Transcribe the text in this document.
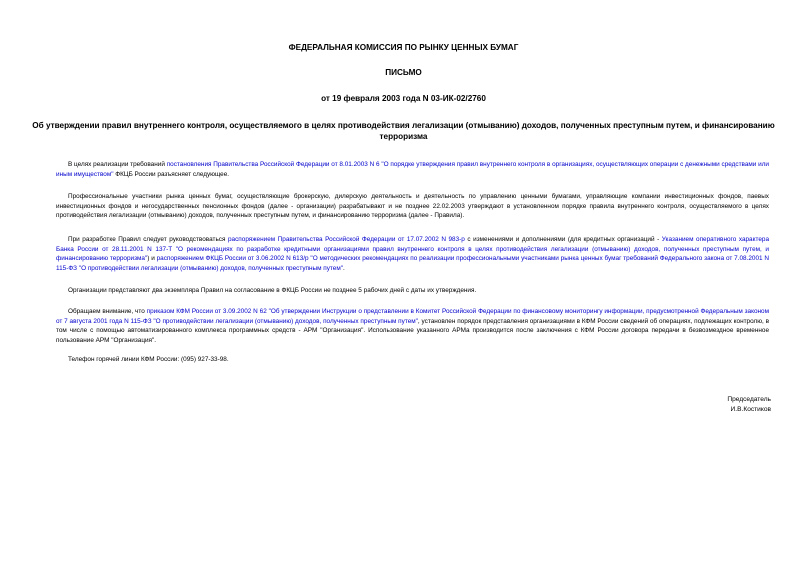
ФЕДЕРАЛЬНАЯ КОМИССИЯ ПО РЫНКУ ЦЕННЫХ БУМАГ

ПИСЬМО

от 19 февраля 2003 года N 03-ИК-02/2760

Об утверждении правил внутреннего контроля, осуществляемого в целях противодействия легализации (отмыванию) доходов, полученных преступным путем, и финансированию терроризма

В целях реализации требований постановления Правительства Российской Федерации от 8.01.2003 N 6 "О порядке утверждения правил внутреннего контроля в организациях, осуществляющих операции с денежными средствами или иным имуществом" ФКЦБ России разъясняет следующее.

Профессиональные участники рынка ценных бумаг, осуществляющие брокерскую, дилерскую деятельность и деятельность по управлению ценными бумагами, управляющие компании инвестиционных фондов, паевых инвестиционных фондов и негосударственных пенсионных фондов (далее - организации) разрабатывают и не позднее 22.02.2003 утверждают в установленном порядке правила внутреннего контроля, осуществляемого в целях противодействия легализации (отмыванию) доходов, полученных преступным путем, и финансированию терроризма (далее - Правила).

При разработке Правил следует руководствоваться распоряжением Правительства Российской Федерации от 17.07.2002 N 983-р с изменениями и дополнениями (для кредитных организаций - Указанием оперативного характера Банка России от 28.11.2001 N 137-Т "О рекомендациях по разработке кредитными организациями правил внутреннего контроля в целях противодействия легализации (отмыванию) доходов, полученных преступным путем, и финансированию терроризма") и распоряжением ФКЦБ России от 3.06.2002 N 613/р "О методических рекомендациях по реализации профессиональными участниками рынка ценных бумаг требований Федерального закона от 7.08.2001 N 115-ФЗ "О противодействии легализации (отмыванию) доходов, полученных преступным путем".

Организации представляют два экземпляра Правил на согласование в ФКЦБ России не позднее 5 рабочих дней с даты их утверждения.

Обращаем внимание, что приказом КФМ России от 3.09.2002 N 62 "Об утверждении Инструкции о представлении в Комитет Российской Федерации по финансовому мониторингу информации, предусмотренной Федеральным законом от 7 августа 2001 года N 115-ФЗ "О противодействии легализации (отмыванию) доходов, полученных преступным путем", установлен порядок представления организациями в КФМ России сведений об операциях, подлежащих контролю, в том числе с помощью автоматизированного комплекса программных средств - АРМ "Организация". Использование указанного АРМа производится после заключения с КФМ России договора передачи в безвозмездное временное пользование АРМ "Организация".

Телефон горячей линии КФМ России: (095) 927-33-98.

Председатель

И.В.Костиков
